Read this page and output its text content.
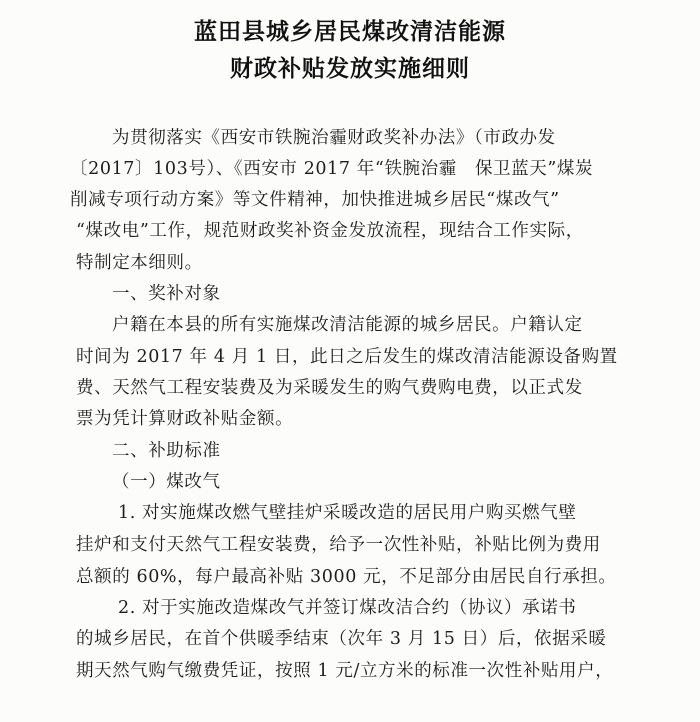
蓝田县城乡居民煤改清洁能源
财政补贴发放实施细则
为贯彻落实《西安市铁腕治霾财政奖补办法》（市政办发
〔2017〕103号）、《西安市 2017 年“铁腕治霾　保卫蓝天”煤炭
削减专项行动方案》等文件精神，加快推进城乡居民“煤改气”
“煤改电”工作，规范财政奖补资金发放流程，现结合工作实际，
特制定本细则。
一、奖补对象
户籍在本县的所有实施煤改清洁能源的城乡居民。户籍认定
时间为 2017 年 4 月 1 日，此日之后发生的煤改清洁能源设备购置
费、天然气工程安装费及为采暖发生的购气费购电费，以正式发
票为凭计算财政补贴金额。
二、补助标准
（一）煤改气
1. 对实施煤改燃气壁挂炉采暖改造的居民用户购买燃气壁
挂炉和支付天然气工程安装费，给予一次性补贴，补贴比例为费用
总额的 60%，每户最高补贴 3000 元，不足部分由居民自行承担。
2. 对于实施改造煤改气并签订煤改洁合约（协议）承诺书
的城乡居民，在首个供暖季结束（次年 3 月 15 日）后，依据采暖
期天然气购气缴费凭证，按照 1 元/立方米的标准一次性补贴用户，
